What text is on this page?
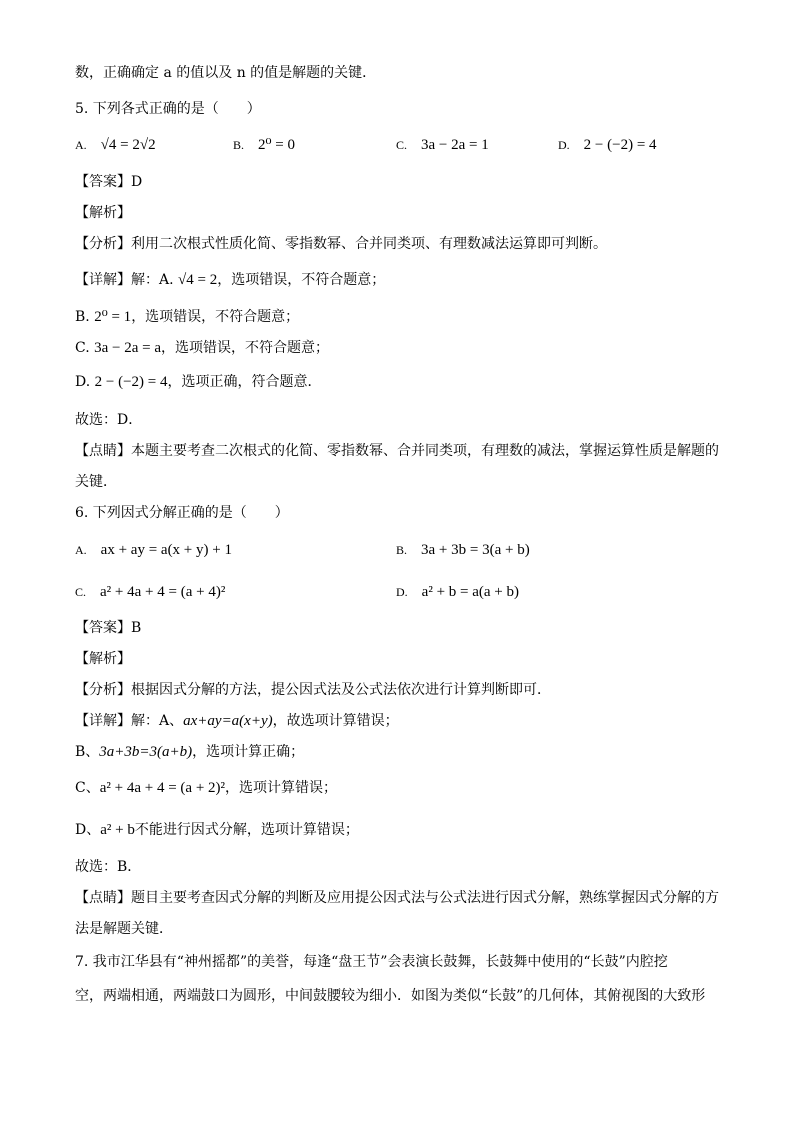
数，正确确定 a 的值以及 n 的值是解题的关键．
5. 下列各式正确的是（　　）
A. √4 = 2√2	B. 2⁰ = 0	C. 3a − 2a = 1	D. 2 − (−2) = 4
【答案】D
【解析】
【分析】利用二次根式性质化简、零指数幂、合并同类项、有理数减法运算即可判断。
【详解】解：A. √4 = 2，选项错误，不符合题意；
B. 2⁰ = 1，选项错误，不符合题意；
C. 3a − 2a = a，选项错误，不符合题意；
D. 2 − (−2) = 4，选项正确，符合题意．
故选：D．
【点睛】本题主要考查二次根式的化简、零指数幂、合并同类项，有理数的减法，掌握运算性质是解题的
关键．
6. 下列因式分解正确的是（　　）
A. ax + ay = a(x + y) + 1	B. 3a + 3b = 3(a + b)
C. a² + 4a + 4 = (a + 4)²	D. a² + b = a(a + b)
【答案】B
【解析】
【分析】根据因式分解的方法，提公因式法及公式法依次进行计算判断即可．
【详解】解：A、ax+ay=a(x+y)，故选项计算错误；
B、3a+3b=3(a+b)，选项计算正确；
C、a² + 4a + 4 = (a + 2)²，选项计算错误；
D、a² + b不能进行因式分解，选项计算错误；
故选：B．
【点睛】题目主要考查因式分解的判断及应用提公因式法与公式法进行因式分解，熟练掌握因式分解的方
法是解题关键．
7. 我市江华县有“神州摇都”的美誉，每逢“盘王节”会表演长鼓舞，长鼓舞中使用的“长鼓”内腔挖
空，两端相通，两端鼓口为圆形，中间鼓腰较为细小．如图为类似“长鼓”的几何体，其俯视图的大致形
